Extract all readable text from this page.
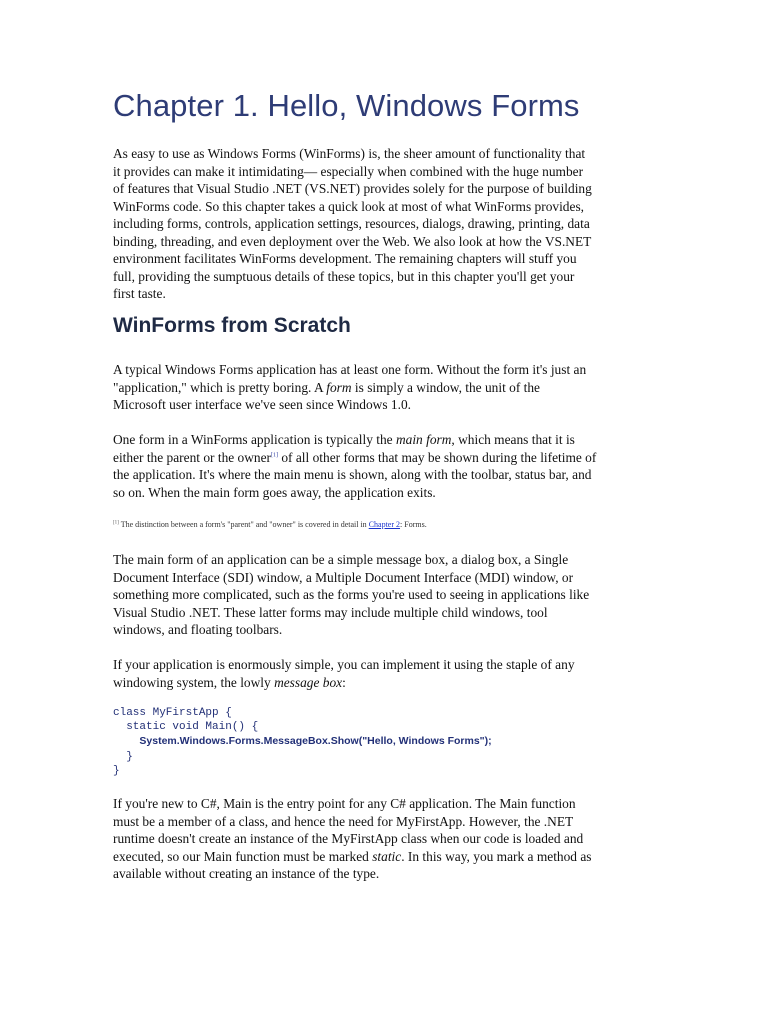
Chapter 1. Hello, Windows Forms

As easy to use as Windows Forms (WinForms) is, the sheer amount of functionality that
it provides can make it intimidating— especially when combined with the huge number
of features that Visual Studio .NET (VS.NET) provides solely for the purpose of building
WinForms code. So this chapter takes a quick look at most of what WinForms provides,
including forms, controls, application settings, resources, dialogs, drawing, printing, data
binding, threading, and even deployment over the Web. We also look at how the VS.NET
environment facilitates WinForms development. The remaining chapters will stuff you
full, providing the sumptuous details of these topics, but in this chapter you'll get your
first taste.

WinForms from Scratch

A typical Windows Forms application has at least one form. Without the form it's just an
"application," which is pretty boring. A form is simply a window, the unit of the
Microsoft user interface we've seen since Windows 1.0.

One form in a WinForms application is typically the main form, which means that it is
either the parent or the owner[1] of all other forms that may be shown during the lifetime of
the application. It's where the main menu is shown, along with the toolbar, status bar, and
so on. When the main form goes away, the application exits.

[1] The distinction between a form's "parent" and "owner" is covered in detail in Chapter 2: Forms.

The main form of an application can be a simple message box, a dialog box, a Single
Document Interface (SDI) window, a Multiple Document Interface (MDI) window, or
something more complicated, such as the forms you're used to seeing in applications like
Visual Studio .NET. These latter forms may include multiple child windows, tool
windows, and floating toolbars.

If your application is enormously simple, you can implement it using the staple of any
windowing system, the lowly message box:

class MyFirstApp {
static void Main() {
System.Windows.Forms.MessageBox.Show("Hello, Windows Forms");
}
}

If you're new to C#, Main is the entry point for any C# application. The Main function
must be a member of a class, and hence the need for MyFirstApp. However, the .NET
runtime doesn't create an instance of the MyFirstApp class when our code is loaded and
executed, so our Main function must be marked static. In this way, you mark a method as
available without creating an instance of the type.
